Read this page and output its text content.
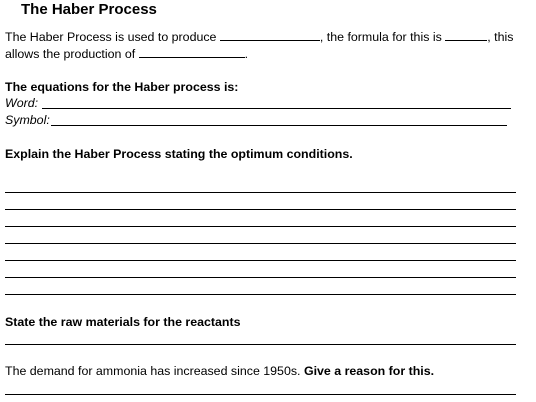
The Haber Process
The Haber Process is used to produce	, the formula for this is	, this
allows the production of	.
The equations for the Haber process is:
Word:
Symbol:
Explain the Haber Process stating the optimum conditions.
State the raw materials for the reactants
The demand for ammonia has increased since 1950s. Give a reason for this.
